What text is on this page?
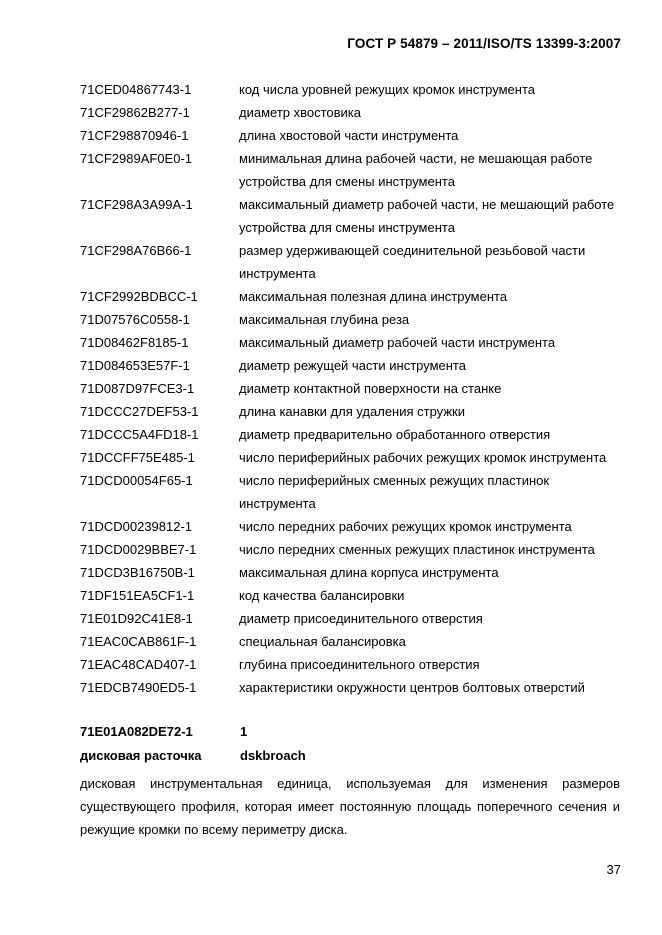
ГОСТ Р 54879 – 2011/ISO/TS 13399-3:2007
71CED04867743-1	код числа уровней режущих кромок инструмента
71CF29862B277-1	диаметр хвостовика
71CF298870946-1	длина хвостовой части инструмента
71CF2989AF0E0-1	минимальная длина рабочей части, не мешающая работе устройства для смены инструмента
71CF298A3A99A-1	максимальный диаметр рабочей части, не мешающий работе устройства для смены инструмента
71CF298A76B66-1	размер удерживающей соединительной резьбовой части инструмента
71CF2992BDBCC-1	максимальная полезная длина инструмента
71D07576C0558-1	максимальная глубина реза
71D08462F8185-1	максимальный диаметр рабочей части инструмента
71D084653E57F-1	диаметр режущей части инструмента
71D087D97FCE3-1	диаметр контактной поверхности на станке
71DCCC27DEF53-1	длина канавки для удаления стружки
71DCCC5A4FD18-1	диаметр предварительно обработанного отверстия
71DCCFF75E485-1	число периферийных рабочих режущих кромок инструмента
71DCD00054F65-1	число периферийных сменных режущих пластинок инструмента
71DCD00239812-1	число передних рабочих режущих кромок инструмента
71DCD0029BBE7-1	число передних сменных режущих пластинок инструмента
71DCD3B16750B-1	максимальная длина корпуса инструмента
71DF151EA5CF1-1	код качества балансировки
71E01D92C41E8-1	диаметр присоединительного отверстия
71EAC0CAB861F-1	специальная балансировка
71EAC48CAD407-1	глубина присоединительного отверстия
71EDCB7490ED5-1	характеристики окружности центров болтовых отверстий
71E01A082DE72-1	1
дисковая расточка	dskbroach
дисковая инструментальная единица, используемая для изменения размеров существующего профиля, которая имеет постоянную площадь поперечного сечения и режущие кромки по всему периметру диска.
37
